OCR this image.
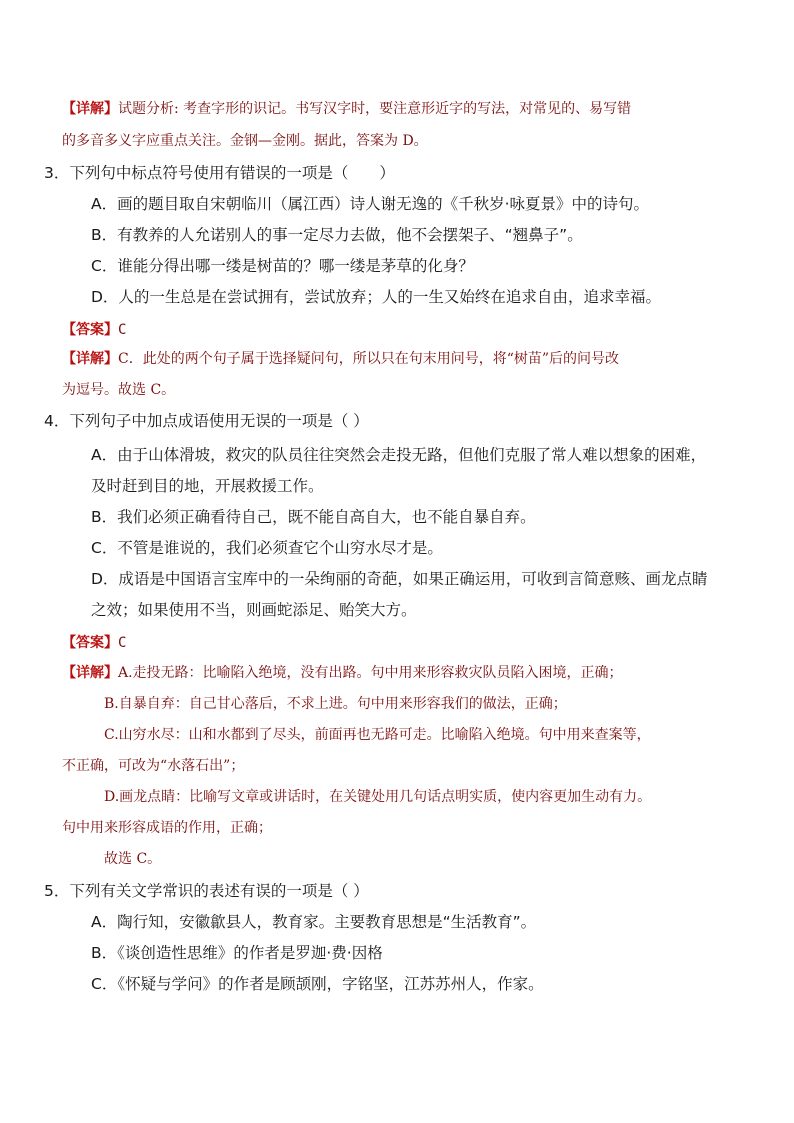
【详解】试题分析: 考查字形的识记。书写汉字时，要注意形近字的写法，对常见的、易写错
的多音多义字应重点关注。金钢—金刚。据此，答案为 D。
3．下列句中标点符号使用有错误的一项是（　　）
A．画的题目取自宋朝临川（属江西）诗人谢无逸的《千秋岁·咏夏景》中的诗句。
B．有教养的人允诺别人的事一定尽力去做，他不会摆架子、“翘鼻子”。
C．谁能分得出哪一缕是树苗的？哪一缕是茅草的化身？
D．人的一生总是在尝试拥有，尝试放弃；人的一生又始终在追求自由，追求幸福。
【答案】C
【详解】C．此处的两个句子属于选择疑问句，所以只在句末用问号，将“树苗”后的问号改
为逗号。故选 C。
4．下列句子中加点成语使用无误的一项是（ ）
A．由于山体滑坡，救灾的队员往往突然会走投无路，但他们克服了常人难以想象的困难，
及时赶到目的地，开展救援工作。
B．我们必须正确看待自己，既不能自高自大，也不能自暴自弃。
C．不管是谁说的，我们必须查它个山穷水尽才是。
D．成语是中国语言宝库中的一朵绚丽的奇葩，如果正确运用，可收到言简意赅、画龙点睛
之效；如果使用不当，则画蛇添足、贻笑大方。
【答案】C
【详解】A.走投无路：比喻陷入绝境，没有出路。句中用来形容救灾队员陷入困境，正确；
B.自暴自弃：自己甘心落后，不求上进。句中用来形容我们的做法，正确；
C.山穷水尽：山和水都到了尽头，前面再也无路可走。比喻陷入绝境。句中用来查案等，
不正确，可改为“水落石出”；
D.画龙点睛：比喻写文章或讲话时，在关键处用几句话点明实质，使内容更加生动有力。
句中用来形容成语的作用，正确；
故选 C。
5．下列有关文学常识的表述有误的一项是（ ）
A．陶行知，安徽歙县人，教育家。主要教育思想是“生活教育”。
B．《谈创造性思维》的作者是罗迦·费·因格
C．《怀疑与学问》的作者是顾颉刚，字铭坚，江苏苏州人，作家。
